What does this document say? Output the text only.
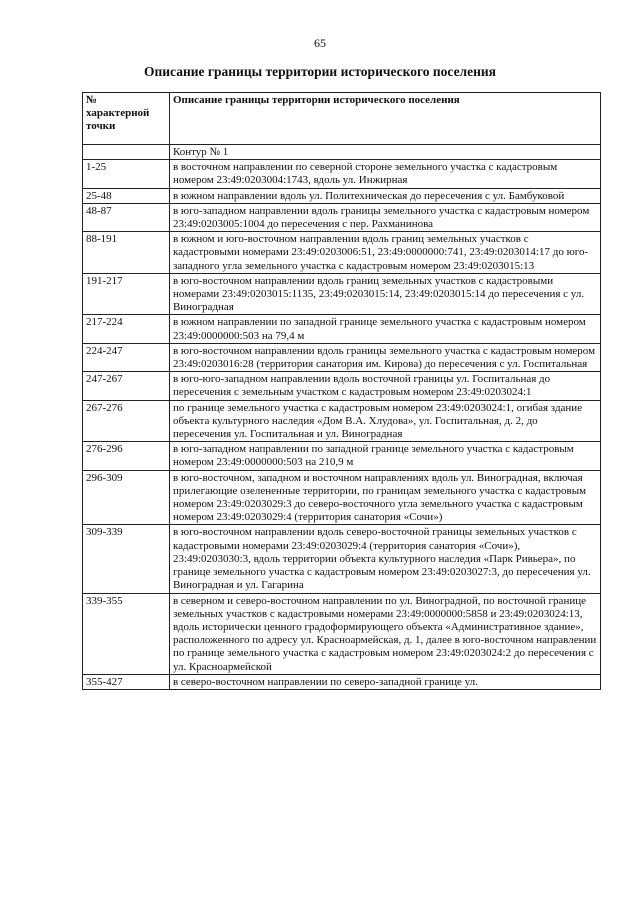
65
Описание границы территории исторического поселения
№
характерной
точки	Описание границы территории исторического поселения
	Контур № 1
1-25	в восточном направлении по северной стороне земельного участка с кадастровым номером 23:49:0203004:1743, вдоль ул. Инжирная
25-48	в южном направлении вдоль ул. Политехническая до пересечения с ул. Бамбуковой
48-87	в юго-западном направлении вдоль границы земельного участка с кадастровым номером 23:49:0203005:1004 до пересечения с пер. Рахманинова
88-191	в южном и юго-восточном направлении вдоль границ земельных участков с кадастровыми номерами 23:49:0203006:51, 23:49:0000000:741, 23:49:0203014:17 до юго-западного угла земельного участка с кадастровым номером 23:49:0203015:13
191-217	в юго-восточном направлении вдоль границ земельных участков с кадастровыми номерами 23:49:0203015:1135, 23:49:0203015:14, 23:49:0203015:14 до пересечения с ул. Виноградная
217-224	в южном направлении по западной границе земельного участка с кадастровым номером 23:49:0000000:503 на 79,4 м
224-247	в юго-восточном направлении вдоль границы земельного участка с кадастровым номером 23:49:0203016:28 (территория санатория им. Кирова) до пересечения с ул. Госпитальная
247-267	в юго-юго-западном направлении вдоль восточной границы ул. Госпитальная до пересечения с земельным участком с кадастровым номером 23:49:0203024:1
267-276	по границе земельного участка с кадастровым номером 23:49:0203024:1, огибая здание объекта культурного наследия «Дом В.А. Хлудова», ул. Госпитальная, д. 2, до пересечения ул. Госпитальная и ул. Виноградная
276-296	в юго-западном направлении по западной границе земельного участка с кадастровым номером 23:49:0000000:503 на 210,9 м
296-309	в юго-восточном, западном и восточном направлениях вдоль ул. Виноградная, включая прилегающие озелененные территории, по границам земельного участка с кадастровым номером 23:49:0203029:3 до северо-восточного угла земельного участка с кадастровым номером 23:49:0203029:4 (территория санатория «Сочи»)
309-339	в юго-восточном направлении вдоль северо-восточной границы земельных участков с кадастровыми номерами 23:49:0203029:4 (территория санатория «Сочи»), 23:49:0203030:3, вдоль территории объекта культурного наследия «Парк Ривьера», по границе земельного участка с кадастровым номером 23:49:0203027:3, до пересечения ул. Виноградная и ул. Гагарина
339-355	в северном и северо-восточном направлении по ул. Виноградной, по восточной границе земельных участков с кадастровыми номерами 23:49:0000000:5858 и 23:49:0203024:13, вдоль исторически ценного градоформирующего объекта «Административное здание», расположенного по адресу ул. Красноармейская, д. 1, далее в юго-восточном направлении по границе земельного участка с кадастровым номером 23:49:0203024:2 до пересечения с ул. Красноармейской
355-427	в северо-восточном направлении по северо-западной границе ул.
